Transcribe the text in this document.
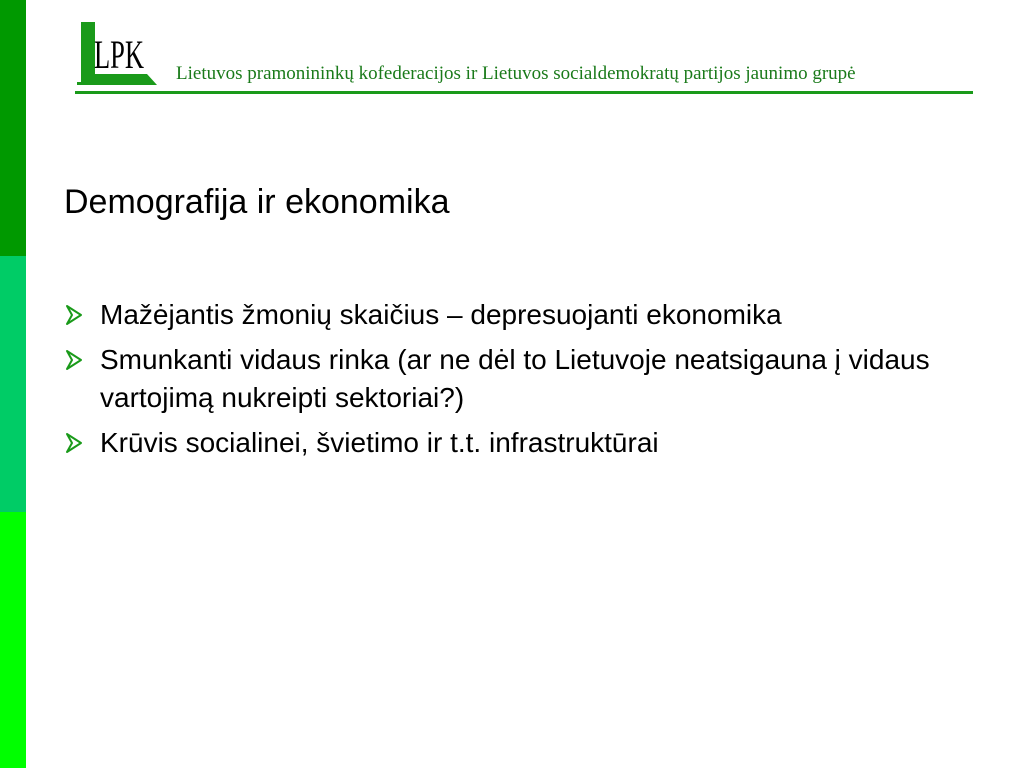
LPK Lietuvos pramonininkų kofederacijos ir Lietuvos socialdemokratų partijos jaunimo grupė
Demografija ir ekonomika
Mažėjantis žmonių skaičius – depresuojanti ekonomika
Smunkanti vidaus rinka (ar ne dėl to Lietuvoje neatsigauna į vidaus vartojimą nukreipti sektoriai?)
Krūvis socialinei, švietimo ir t.t. infrastruktūrai
